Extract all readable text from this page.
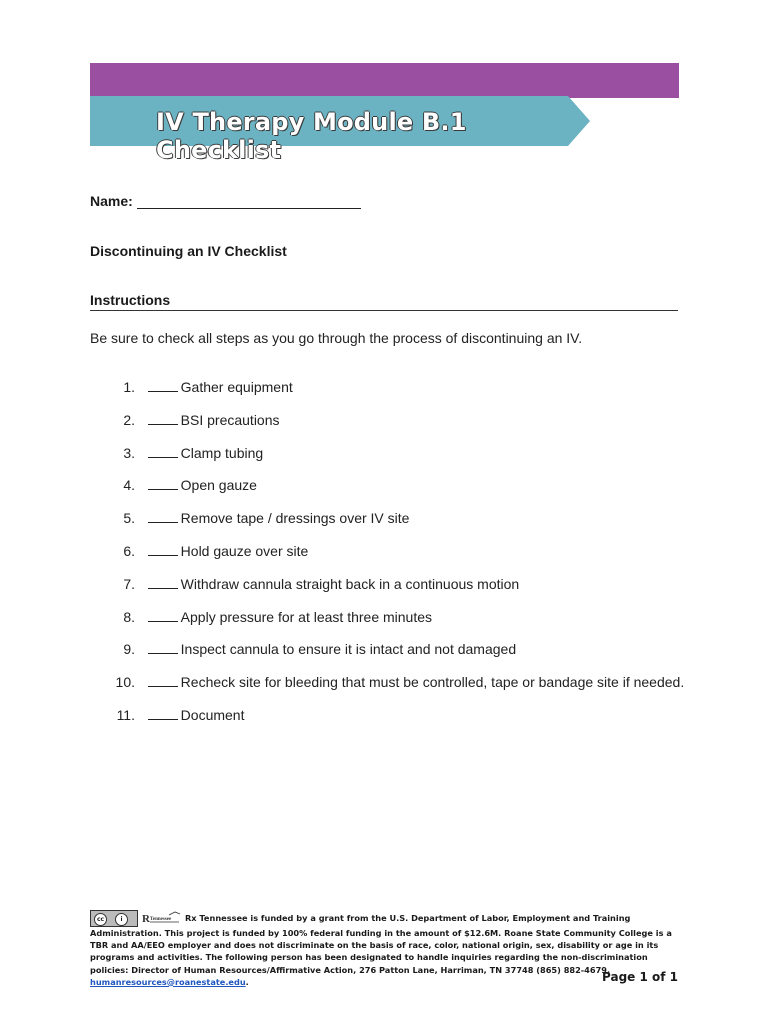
IV Therapy Module B.1 Checklist
Name:
Discontinuing an IV Checklist
Instructions
Be sure to check all steps as you go through the process of discontinuing an IV.
1.	Gather equipment
2.	BSI precautions
3.	Clamp tubing
4.	Open gauze
5.	Remove tape / dressings over IV site
6.	Hold gauze over site
7.	Withdraw cannula straight back in a continuous motion
8.	Apply pressure for at least three minutes
9.	Inspect cannula to ensure it is intact and not damaged
10.	Recheck site for bleeding that must be controlled, tape or bandage site if needed.
11.	Document
cc	i	R Tennessee Rx Tennessee is funded by a grant from the U.S. Department of Labor, Employment and Training Administration. This project is funded by 100% federal funding in the amount of $12.6M. Roane State Community College is a TBR and AA/EEO employer and does not discriminate on the basis of race, color, national origin, sex, disability or age in its programs and activities. The following person has been designated to handle inquiries regarding the non-discrimination policies: Director of Human Resources/Affirmative Action, 276 Patton Lane, Harriman, TN 37748 (865) 882-4679, humanresources@roanestate.edu.	Page 1 of 1
